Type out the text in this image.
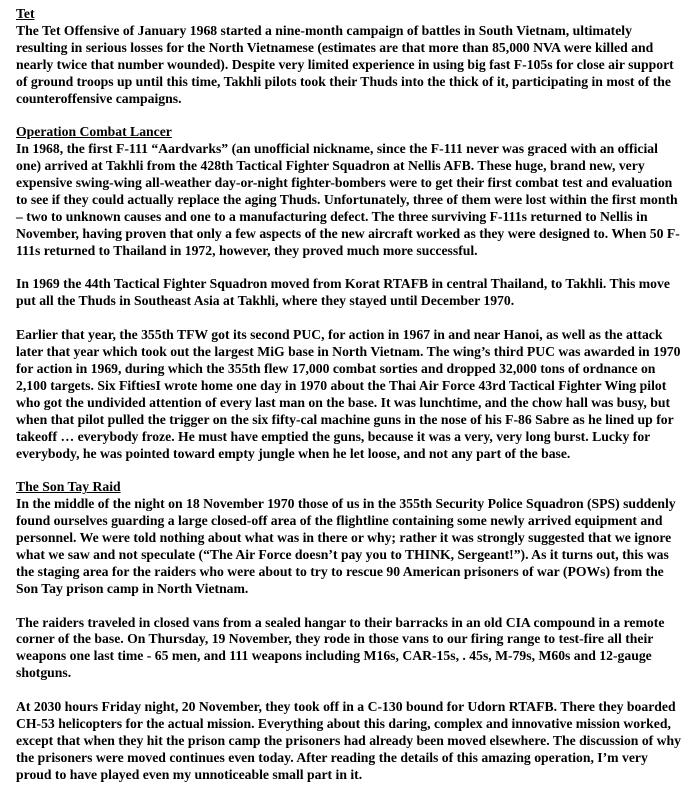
Tet

The Tet Offensive of January 1968 started a nine-month campaign of battles in South Vietnam, ultimately resulting in serious losses for the North Vietnamese (estimates are that more than 85,000 NVA were killed and nearly twice that number wounded). Despite very limited experience in using big fast F-105s for close air support of ground troops up until this time, Takhli pilots took their Thuds into the thick of it, participating in most of the counteroffensive campaigns.

Operation Combat Lancer

In 1968, the first F-111 “Aardvarks” (an unofficial nickname, since the F-111 never was graced with an official one) arrived at Takhli from the 428th Tactical Fighter Squadron at Nellis AFB. These huge, brand new, very expensive swing-wing all-weather day-or-night fighter-bombers were to get their first combat test and evaluation to see if they could actually replace the aging Thuds. Unfortunately, three of them were lost within the first month – two to unknown causes and one to a manufacturing defect. The three surviving F-111s returned to Nellis in November, having proven that only a few aspects of the new aircraft worked as they were designed to. When 50 F-111s returned to Thailand in 1972, however, they proved much more successful.

In 1969 the 44th Tactical Fighter Squadron moved from Korat RTAFB in central Thailand, to Takhli. This move put all the Thuds in Southeast Asia at Takhli, where they stayed until December 1970.

Earlier that year, the 355th TFW got its second PUC, for action in 1967 in and near Hanoi, as well as the attack later that year which took out the largest MiG base in North Vietnam. The wing’s third PUC was awarded in 1970 for action in 1969, during which the 355th flew 17,000 combat sorties and dropped 32,000 tons of ordnance on 2,100 targets. Six FiftiesI wrote home one day in 1970 about the Thai Air Force 43rd Tactical Fighter Wing pilot who got the undivided attention of every last man on the base. It was lunchtime, and the chow hall was busy, but when that pilot pulled the trigger on the six fifty-cal machine guns in the nose of his F-86 Sabre as he lined up for takeoff … everybody froze. He must have emptied the guns, because it was a very, very long burst. Lucky for everybody, he was pointed toward empty jungle when he let loose, and not any part of the base.

The Son Tay Raid

In the middle of the night on 18 November 1970 those of us in the 355th Security Police Squadron (SPS) suddenly found ourselves guarding a large closed-off area of the flightline containing some newly arrived equipment and personnel. We were told nothing about what was in there or why; rather it was strongly suggested that we ignore what we saw and not speculate (“The Air Force doesn’t pay you to THINK, Sergeant!”). As it turns out, this was the staging area for the raiders who were about to try to rescue 90 American prisoners of war (POWs) from the Son Tay prison camp in North Vietnam.

The raiders traveled in closed vans from a sealed hangar to their barracks in an old CIA compound in a remote corner of the base. On Thursday, 19 November, they rode in those vans to our firing range to test-fire all their weapons one last time - 65 men, and 111 weapons including M16s, CAR-15s, . 45s, M-79s, M60s and 12-gauge shotguns.

At 2030 hours Friday night, 20 November, they took off in a C-130 bound for Udorn RTAFB. There they boarded CH-53 helicopters for the actual mission. Everything about this daring, complex and innovative mission worked, except that when they hit the prison camp the prisoners had already been moved elsewhere. The discussion of why the prisoners were moved continues even today. After reading the details of this amazing operation, I’m very proud to have played even my unnoticeable small part in it.
